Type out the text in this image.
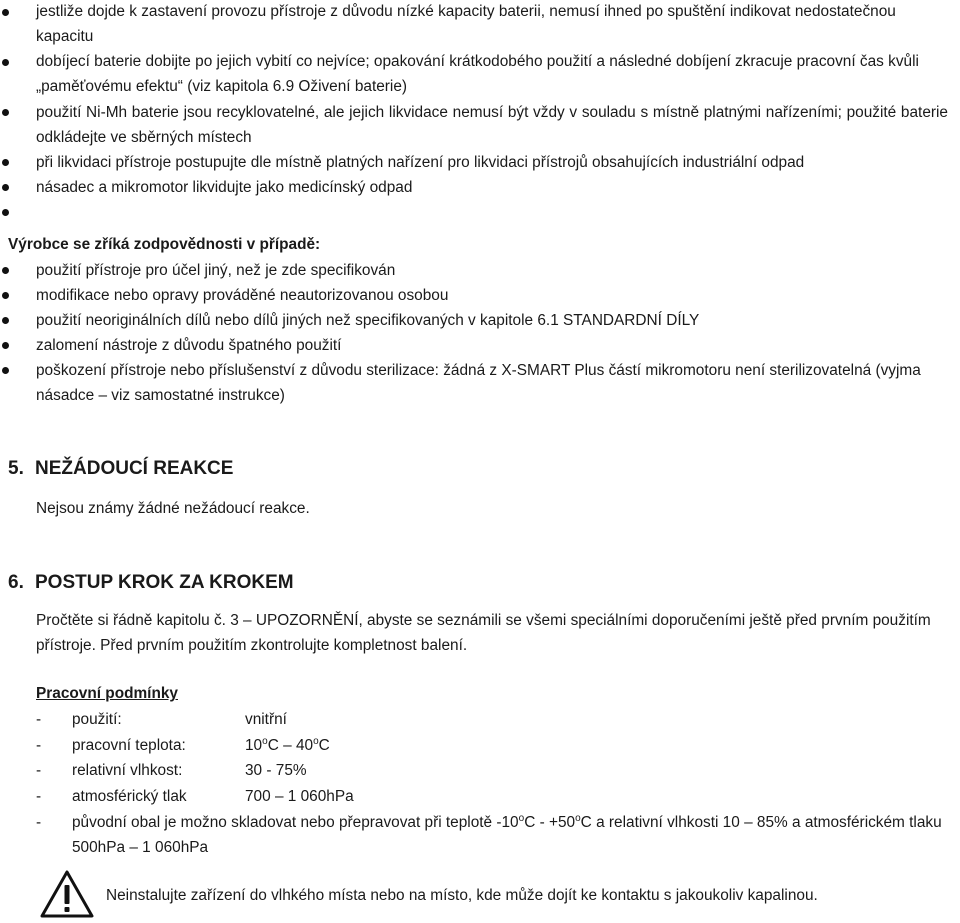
jestliže dojde k zastavení provozu přístroje z důvodu nízké kapacity baterii, nemusí ihned po spuštění indikovat nedostatečnou kapacitu
dobíjecí baterie dobijte po jejich vybití co nejvíce; opakování krátkodobého použití a následné dobíjení zkracuje pracovní čas kvůli „paměťovému efektu“ (viz kapitola 6.9 Oživení baterie)
použití Ni-Mh baterie jsou recyklovatelné, ale jejich likvidace nemusí být vždy v souladu s místně platnými nařízeními; použité baterie odkládejte ve sběrných místech
při likvidaci přístroje postupujte dle místně platných nařízení pro likvidaci přístrojů obsahujících industriální odpad
násadec a mikromotor likvidujte jako medicínský odpad

Výrobce se zříká zodpovědnosti v případě:
použití přístroje pro účel jiný, než je zde specifikován
modifikace nebo opravy prováděné neautorizovanou osobou
použití neoriginálních dílů nebo dílů jiných než specifikovaných v kapitole 6.1 STANDARDNÍ DÍLY
zalomení nástroje z důvodu špatného použití
poškození přístroje nebo příslušenství z důvodu sterilizace: žádná z X-SMART Plus částí mikromotoru není sterilizovatelná (vyjma násadce – viz samostatné instrukce)
5. NEŽÁDOUCÍ REAKCE
Nejsou známy žádné nežádoucí reakce.
6. POSTUP KROK ZA KROKEM
Pročtěte si řádně kapitolu č. 3 – UPOZORNĚNÍ, abyste se seznámili se všemi speciálními doporučeními ještě před prvním použitím přístroje. Před prvním použitím zkontrolujte kompletnost balení.
Pracovní podmínky
- použití:	vnitřní
- pracovní teplota:	10$^o$C – 40$^o$C
- relativní vlhkost:	30 - 75%
- atmosférický tlak	700 – 1 060hPa
- původní obal je možno skladovat nebo přepravovat při teplotě $-10^oC - +50^oC$ a relativní vlhkosti 10 – 85% a atmosférickém tlaku 500hPa – 1 060hPa
Neinstalujte zařízení do vlhkého místa nebo na místo, kde může dojít ke kontaktu s jakoukoliv kapalinou.
